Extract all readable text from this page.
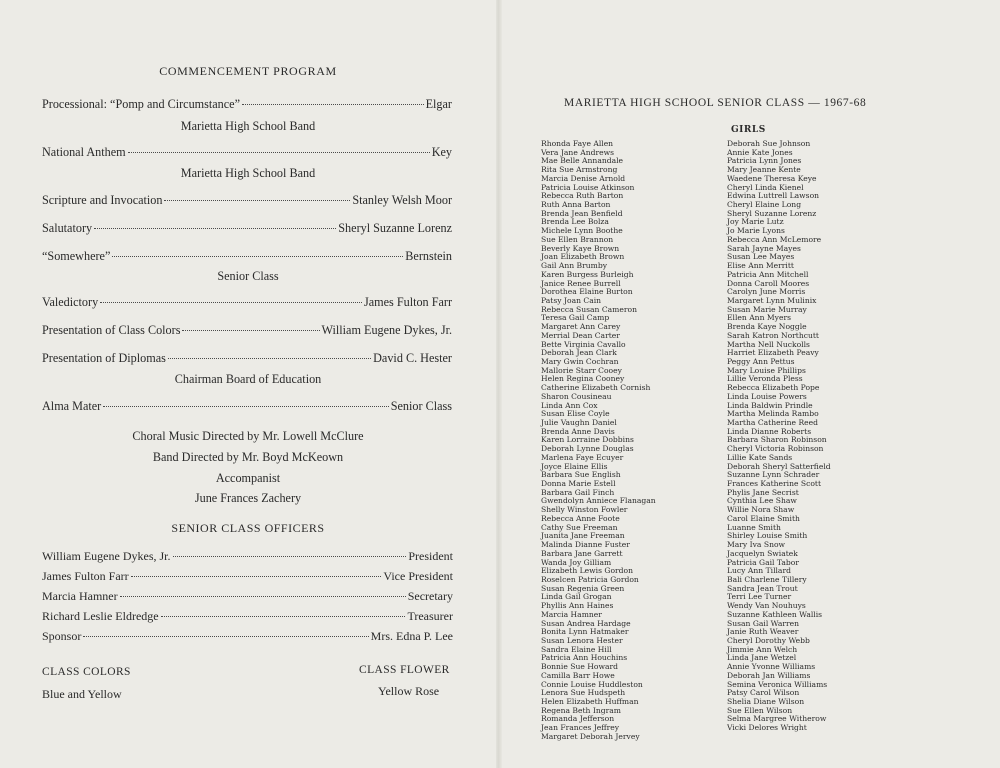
COMMENCEMENT PROGRAM
Processional: “Pomp and Circumstance”	Elgar
Marietta High School Band
National Anthem	Key
Marietta High School Band
Scripture and Invocation	Stanley Welsh Moor
Salutatory	Sheryl Suzanne Lorenz
“Somewhere”	Bernstein
Senior Class
Valedictory	James Fulton Farr
Presentation of Class Colors	William Eugene Dykes, Jr.
Presentation of Diplomas	David C. Hester
Chairman Board of Education
Alma Mater	Senior Class
Choral Music Directed by Mr. Lowell McClure
Band Directed by Mr. Boyd McKeown
Accompanist
June Frances Zachery
SENIOR CLASS OFFICERS
William Eugene Dykes, Jr.	President
James Fulton Farr	Vice President
Marcia Hamner	Secretary
Richard Leslie Eldredge	Treasurer
Sponsor	Mrs. Edna P. Lee
CLASS COLORS
Blue and Yellow
CLASS FLOWER
Yellow Rose
MARIETTA HIGH SCHOOL SENIOR CLASS — 1967-68
GIRLS
Rhonda Faye Allen
Vera Jane Andrews
Mae Belle Annandale
Rita Sue Armstrong
Marcia Denise Arnold
Patricia Louise Atkinson
Rebecca Ruth Barton
Ruth Anna Barton
Brenda Jean Benfield
Brenda Lee Bolza
Michele Lynn Boothe
Sue Ellen Brannon
Beverly Kaye Brown
Joan Elizabeth Brown
Gail Ann Brumby
Karen Burgess Burleigh
Janice Renee Burrell
Dorothea Elaine Burton
Patsy Joan Cain
Rebecca Susan Cameron
Teresa Gail Camp
Margaret Ann Carey
Merrial Dean Carter
Bette Virginia Cavallo
Deborah Jean Clark
Mary Gwin Cochran
Mallorie Starr Cooey
Helen Regina Cooney
Catherine Elizabeth Cornish
Sharon Cousineau
Linda Ann Cox
Susan Elise Coyle
Julie Vaughn Daniel
Brenda Anne Davis
Karen Lorraine Dobbins
Deborah Lynne Douglas
Marlena Faye Ecuyer
Joyce Elaine Ellis
Barbara Sue English
Donna Marie Estell
Barbara Gail Finch
Gwendolyn Anniece Flanagan
Shelly Winston Fowler
Rebecca Anne Foote
Cathy Sue Freeman
Juanita Jane Freeman
Malinda Dianne Fuster
Barbara Jane Garrett
Wanda Joy Gilliam
Elizabeth Lewis Gordon
Roselcen Patricia Gordon
Susan Regenia Green
Linda Gail Grogan
Phyllis Ann Haines
Marcia Hamner
Susan Andrea Hardage
Bonita Lynn Hatmaker
Susan Lenora Hester
Sandra Elaine Hill
Patricia Ann Houchins
Bonnie Sue Howard
Camilla Barr Howe
Connie Louise Huddleston
Lenora Sue Hudspeth
Helen Elizabeth Huffman
Regena Beth Ingram
Romanda Jefferson
Jean Frances Jeffrey
Margaret Deborah Jervey
Deborah Sue Johnson
Annie Kate Jones
Patricia Lynn Jones
Mary Jeanne Kente
Waedene Theresa Keye
Cheryl Linda Kienel
Edwina Luttrell Lawson
Cheryl Elaine Long
Sheryl Suzanne Lorenz
Joy Marie Lutz
Jo Marie Lyons
Rebecca Ann McLemore
Sarah Jayne Mayes
Susan Lee Mayes
Elise Ann Merritt
Patricia Ann Mitchell
Donna Caroll Moores
Carolyn June Morris
Margaret Lynn Mulinix
Susan Marie Murray
Ellen Ann Myers
Brenda Kaye Noggle
Sarah Katron Northcutt
Martha Nell Nuckolls
Harriet Elizabeth Peavy
Peggy Ann Pettus
Mary Louise Phillips
Lillie Veronda Pless
Rebecca Elizabeth Pope
Linda Louise Powers
Linda Baldwin Prindle
Martha Melinda Rambo
Martha Catherine Reed
Linda Dianne Roberts
Barbara Sharon Robinson
Cheryl Victoria Robinson
Lillie Kate Sands
Deborah Sheryl Satterfield
Suzanne Lynn Schrader
Frances Katherine Scott
Phylis Jane Secrist
Cynthia Lee Shaw
Willie Nora Shaw
Carol Elaine Smith
Luanne Smith
Shirley Louise Smith
Mary Iva Snow
Jacquelyn Swiatek
Patricia Gail Tabor
Lucy Ann Tillard
Bali Charlene Tillery
Sandra Jean Trout
Terri Lee Turner
Wendy Van Nouhuys
Suzanne Kathleen Wallis
Susan Gail Warren
Janie Ruth Weaver
Cheryl Dorothy Webb
Jimmie Ann Welch
Linda Jane Wetzel
Annie Yvonne Williams
Deborah Jan Williams
Semina Veronica Williams
Patsy Carol Wilson
Shelia Diane Wilson
Sue Ellen Wilson
Selma Margree Witherow
Vicki Delores Wright
